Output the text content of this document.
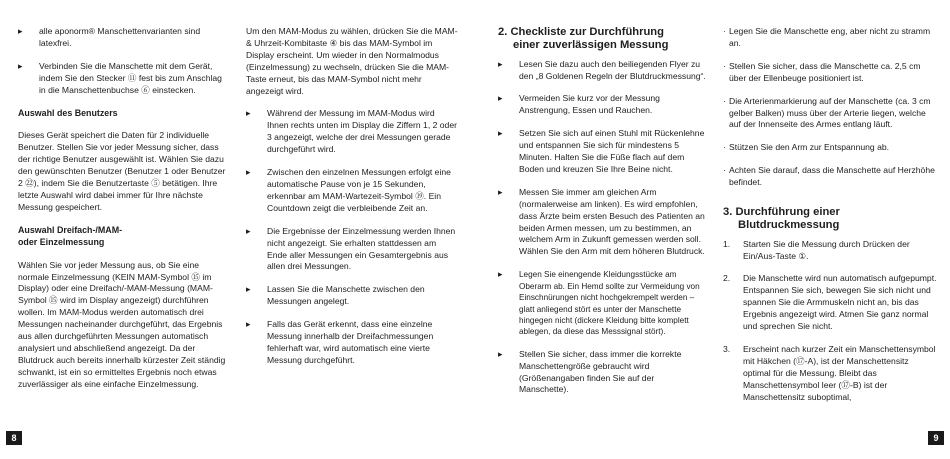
▸ alle aponorm® Manschettenvarianten sind latexfrei.

▸ Verbinden Sie die Manschette mit dem Gerät, indem Sie den Stecker ⑪ fest bis zum Anschlag in die Manschettenbuchse ⑥ einstecken.

Auswahl des Benutzers

Dieses Gerät speichert die Daten für 2 individuelle Benutzer. Stellen Sie vor jeder Messung sicher, dass der richtige Benutzer ausgewählt ist. Wählen Sie dazu den gewünschten Benutzer (Benutzer 1 oder Benutzer 2 ㉒), indem Sie die Benutzertaste ⑤ betätigen. Ihre letzte Auswahl wird dabei immer für Ihre nächste Messung gespeichert.

Auswahl Dreifach-/MAM-

oder Einzelmessung

Wählen Sie vor jeder Messung aus, ob Sie eine normale Einzelmessung (KEIN MAM-Symbol ⑮ im Display) oder eine Dreifach/-MAM-Messung (MAM-Symbol ⑮ wird im Display angezeigt) durchführen wollen. Im MAM-Modus werden automatisch drei Messungen nacheinander durchgeführt, das Ergebnis aus allen durchgeführten Messungen automatisch analysiert und abschließend angezeigt. Da der Blutdruck auch bereits innerhalb kürzester Zeit ständig schwankt, ist ein so ermitteltes Ergebnis noch etwas zuverlässiger als eine einfache Einzelmessung.

Um den MAM-Modus zu wählen, drücken Sie die MAM-& Uhrzeit-Kombitaste ④ bis das MAM-Symbol im Display erscheint. Um wieder in den Normalmodus (Einzelmessung) zu wechseln, drücken Sie die MAM-Taste erneut, bis das MAM-Symbol nicht mehr angezeigt wird.

▸ Während der Messung im MAM-Modus wird Ihnen rechts unten im Display die Ziffern 1, 2 oder 3 angezeigt, welche der drei Messungen gerade durchgeführt wird.

▸ Zwischen den einzelnen Messungen erfolgt eine automatische Pause von je 15 Sekunden, erkennbar am MAM-Wartezeit-Symbol ⑲. Ein Countdown zeigt die verbleibende Zeit an.

▸ Die Ergebnisse der Einzelmessung werden Ihnen nicht angezeigt. Sie erhalten stattdessen am Ende aller Messungen ein Gesamtergebnis aus allen drei Messungen.

▸ Lassen Sie die Manschette zwischen den Messungen angelegt.

▸ Falls das Gerät erkennt, dass eine einzelne Messung innerhalb der Dreifachmessungen fehlerhaft war, wird automatisch eine vierte Messung durchgeführt.

8

2. Checkliste zur Durchführung

einer zuverlässigen Messung

▸ Lesen Sie dazu auch den beiliegenden Flyer zu den „8 Goldenen Regeln der Blutdruckmessung“.

▸ Vermeiden Sie kurz vor der Messung Anstrengung, Essen und Rauchen.

▸ Setzen Sie sich auf einen Stuhl mit Rückenlehne und entspannen Sie sich für mindestens 5 Minuten. Halten Sie die Füße flach auf dem Boden und kreuzen Sie Ihre Beine nicht.

▸ Messen Sie immer am gleichen Arm (normalerweise am linken). Es wird empfohlen, dass Ärzte beim ersten Besuch des Patienten an beiden Armen messen, um zu bestimmen, an welchem Arm in Zukunft gemessen werden soll. Wählen Sie den Arm mit dem höheren Blutdruck.

▸ Legen Sie einengende Kleidungsstücke am Oberarm ab. Ein Hemd sollte zur Vermeidung von Einschnürungen nicht hochgekrempelt werden – glatt anliegend stört es unter der Manschette hingegen nicht (dickere Kleidung bitte komplett ablegen, da diese das Messsignal stört).

▸ Stellen Sie sicher, dass immer die korrekte Manschettengröße gebraucht wird (Größenangaben finden Sie auf der Manschette).

· Legen Sie die Manschette eng, aber nicht zu stramm an.

· Stellen Sie sicher, dass die Manschette ca. 2,5 cm über der Ellenbeuge positioniert ist.

· Die Arterienmarkierung auf der Manschette (ca. 3 cm gelber Balken) muss über der Arterie liegen, welche auf der Innenseite des Armes entlang läuft.

· Stützen Sie den Arm zur Entspannung ab.

· Achten Sie darauf, dass die Manschette auf Herzhöhe befindet.

3. Durchführung einer

Blutdruckmessung

1. Starten Sie die Messung durch Drücken der Ein/Aus-Taste ①.
2. Die Manschette wird nun automatisch aufgepumpt. Entspannen Sie sich, bewegen Sie sich nicht und spannen Sie die Armmuskeln nicht an, bis das Ergebnis angezeigt wird. Atmen Sie ganz normal und sprechen Sie nicht.
3. Erscheint nach kurzer Zeit ein Manschettensymbol mit Häkchen (⑰-A), ist der Manschettensitz optimal für die Messung. Bleibt das Manschettensymbol leer (⑰-B) ist der Manschettensitz suboptimal,
9
